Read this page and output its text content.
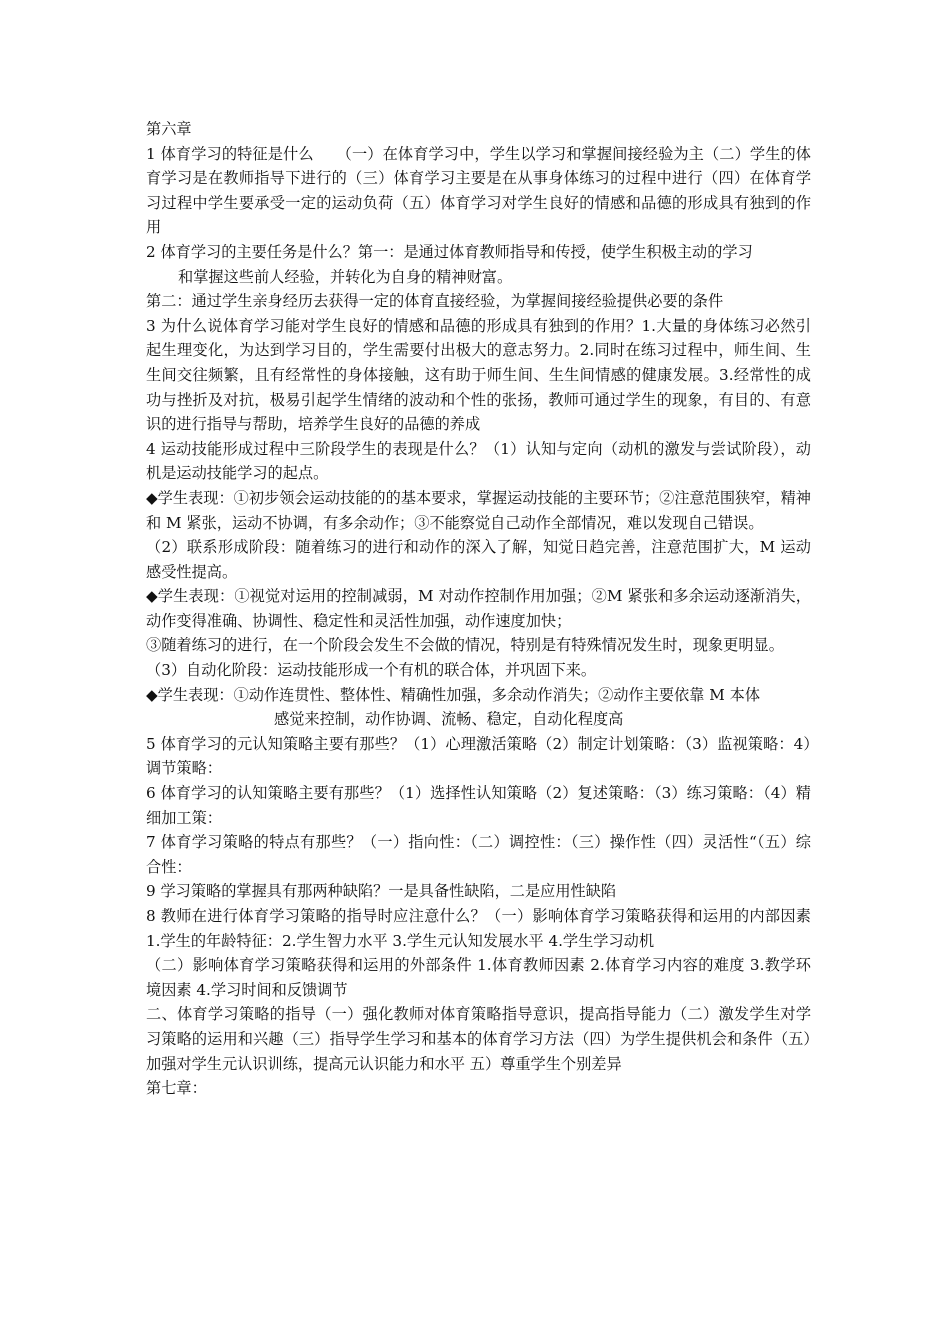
第六章

1 体育学习的特征是什么　　（一）在体育学习中，学生以学习和掌握间接经验为主（二）学生的体育学习是在教师指导下进行的（三）体育学习主要是在从事身体练习的过程中进行（四）在体育学习过程中学生要承受一定的运动负荷（五）体育学习对学生良好的情感和品德的形成具有独到的作用

2 体育学习的主要任务是什么？第一：是通过体育教师指导和传授，使学生积极主动的学习

和掌握这些前人经验，并转化为自身的精神财富。

第二：通过学生亲身经历去获得一定的体育直接经验，为掌握间接经验提供必要的条件

3 为什么说体育学习能对学生良好的情感和品德的形成具有独到的作用？1.大量的身体练习必然引起生理变化，为达到学习目的，学生需要付出极大的意志努力。2.同时在练习过程中，师生间、生生间交往频繁，且有经常性的身体接触，这有助于师生间、生生间情感的健康发展。3.经常性的成功与挫折及对抗，极易引起学生情绪的波动和个性的张扬，教师可通过学生的现象，有目的、有意识的进行指导与帮助，培养学生良好的品德的养成

4 运动技能形成过程中三阶段学生的表现是什么？（1）认知与定向（动机的激发与尝试阶段），动机是运动技能学习的起点。

◆学生表现：①初步领会运动技能的的基本要求，掌握运动技能的主要环节；②注意范围狭窄，精神和 M 紧张，运动不协调，有多余动作；③不能察觉自己动作全部情况，难以发现自己错误。

（2）联系形成阶段：随着练习的进行和动作的深入了解，知觉日趋完善，注意范围扩大，M 运动感受性提高。

◆学生表现：①视觉对运用的控制减弱，M 对动作控制作用加强；②M 紧张和多余运动逐渐消失，动作变得准确、协调性、稳定性和灵活性加强，动作速度加快；

③随着练习的进行，在一个阶段会发生不会做的情况，特别是有特殊情况发生时，现象更明显。

（3）自动化阶段：运动技能形成一个有机的联合体，并巩固下来。

◆学生表现：①动作连贯性、整体性、精确性加强，多余动作消失；②动作主要依靠 M 本体

感觉来控制，动作协调、流畅、稳定，自动化程度高

5 体育学习的元认知策略主要有那些？（1）心理激活策略（2）制定计划策略：（3）监视策略：4）调节策略：

6 体育学习的认知策略主要有那些？（1）选择性认知策略（2）复述策略：（3）练习策略：（4）精细加工策：

7 体育学习策略的特点有那些？（一）指向性：（二）调控性：（三）操作性（四）灵活性“（五）综合性：

9 学习策略的掌握具有那两种缺陷？一是具备性缺陷，二是应用性缺陷

8 教师在进行体育学习策略的指导时应注意什么？（一）影响体育学习策略获得和运用的内部因素 1.学生的年龄特征：2.学生智力水平 3.学生元认知发展水平 4.学生学习动机

（二）影响体育学习策略获得和运用的外部条件 1.体育教师因素 2.体育学习内容的难度 3.教学环境因素 4.学习时间和反馈调节

二、体育学习策略的指导（一）强化教师对体育策略指导意识，提高指导能力（二）激发学生对学习策略的运用和兴趣（三）指导学生学习和基本的体育学习方法（四）为学生提供机会和条件（五）加强对学生元认识训练，提高元认识能力和水平 五）尊重学生个别差异

第七章：
